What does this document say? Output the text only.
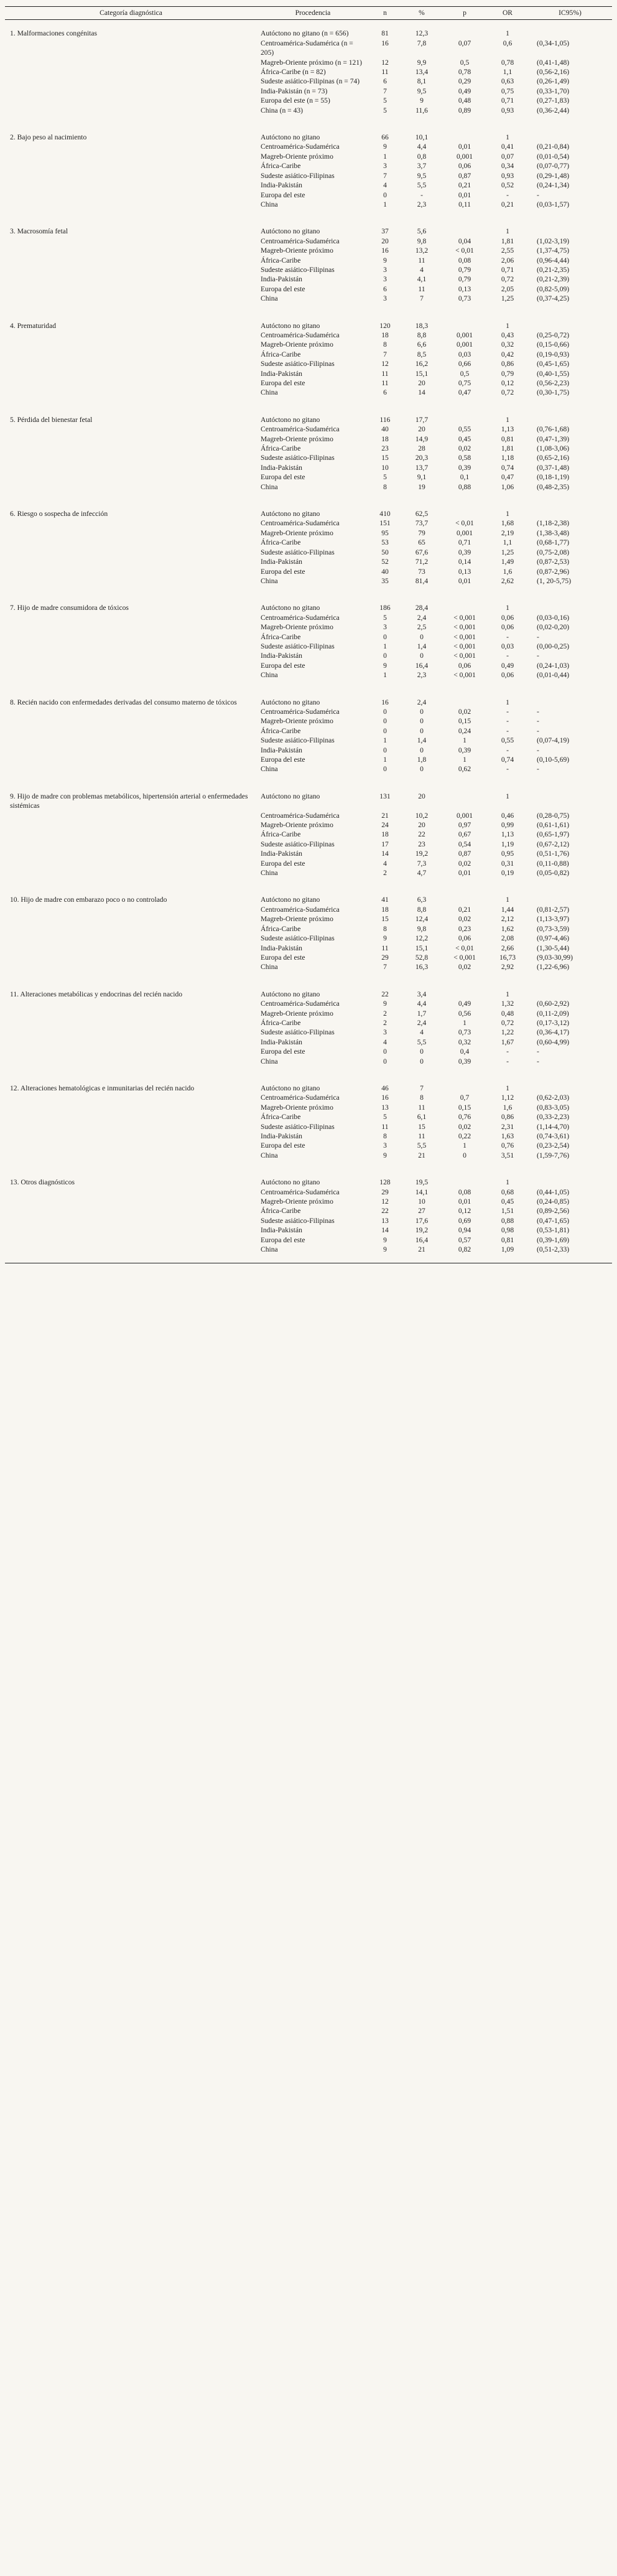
Categoría diagnóstica	Procedencia	n	%	p	OR	IC95%)
1. Malformaciones congénitas	Autóctono no gitano (n = 656)	81	12,3		1	
	Centroamérica-Sudamérica (n = 205)	16	7,8	0,07	0,6	(0,34-1,05)
	Magreb-Oriente próximo (n = 121)	12	9,9	0,5	0,78	(0,41-1,48)
	África-Caribe (n = 82)	11	13,4	0,78	1,1	(0,56-2,16)
	Sudeste asiático-Filipinas (n = 74)	6	8,1	0,29	0,63	(0,26-1,49)
	India-Pakistán (n = 73)	7	9,5	0,49	0,75	(0,33-1,70)
	Europa del este (n = 55)	5	9	0,48	0,71	(0,27-1,83)
	China (n = 43)	5	11,6	0,89	0,93	(0,36-2,44)
2. Bajo peso al nacimiento	Autóctono no gitano	66	10,1		1	
	Centroamérica-Sudamérica	9	4,4	0,01	0,41	(0,21-0,84)
	Magreb-Oriente próximo	1	0,8	0,001	0,07	(0,01-0,54)
	África-Caribe	3	3,7	0,06	0,34	(0,07-0,77)
	Sudeste asiático-Filipinas	7	9,5	0,87	0,93	(0,29-1,48)
	India-Pakistán	4	5,5	0,21	0,52	(0,24-1,34)
	Europa del este	0	-	0,01	-	-
	China	1	2,3	0,11	0,21	(0,03-1,57)
3. Macrosomía fetal	Autóctono no gitano	37	5,6		1	
	Centroamérica-Sudamérica	20	9,8	0,04	1,81	(1,02-3,19)
	Magreb-Oriente próximo	16	13,2	< 0,01	2,55	(1,37-4,75)
	África-Caribe	9	11	0,08	2,06	(0,96-4,44)
	Sudeste asiático-Filipinas	3	4	0,79	0,71	(0,21-2,35)
	India-Pakistán	3	4,1	0,79	0,72	(0,21-2,39)
	Europa del este	6	11	0,13	2,05	(0,82-5,09)
	China	3	7	0,73	1,25	(0,37-4,25)
4. Prematuridad	Autóctono no gitano	120	18,3		1	
	Centroamérica-Sudamérica	18	8,8	0,001	0,43	(0,25-0,72)
	Magreb-Oriente próximo	8	6,6	0,001	0,32	(0,15-0,66)
	África-Caribe	7	8,5	0,03	0,42	(0,19-0,93)
	Sudeste asiático-Filipinas	12	16,2	0,66	0,86	(0,45-1,65)
	India-Pakistán	11	15,1	0,5	0,79	(0,40-1,55)
	Europa del este	11	20	0,75	0,12	(0,56-2,23)
	China	6	14	0,47	0,72	(0,30-1,75)
5. Pérdida del bienestar fetal	Autóctono no gitano	116	17,7		1	
	Centroamérica-Sudamérica	40	20	0,55	1,13	(0,76-1,68)
	Magreb-Oriente próximo	18	14,9	0,45	0,81	(0,47-1,39)
	África-Caribe	23	28	0,02	1,81	(1,08-3,06)
	Sudeste asiático-Filipinas	15	20,3	0,58	1,18	(0,65-2,16)
	India-Pakistán	10	13,7	0,39	0,74	(0,37-1,48)
	Europa del este	5	9,1	0,1	0,47	(0,18-1,19)
	China	8	19	0,88	1,06	(0,48-2,35)
6. Riesgo o sospecha de infección	Autóctono no gitano	410	62,5		1	
	Centroamérica-Sudamérica	151	73,7	< 0,01	1,68	(1,18-2,38)
	Magreb-Oriente próximo	95	79	0,001	2,19	(1,38-3,48)
	África-Caribe	53	65	0,71	1,1	(0,68-1,77)
	Sudeste asiático-Filipinas	50	67,6	0,39	1,25	(0,75-2,08)
	India-Pakistán	52	71,2	0,14	1,49	(0,87-2,53)
	Europa del este	40	73	0,13	1,6	(0,87-2,96)
	China	35	81,4	0,01	2,62	(1, 20-5,75)
7. Hijo de madre consumidora de tóxicos	Autóctono no gitano	186	28,4		1	
	Centroamérica-Sudamérica	5	2,4	< 0,001	0,06	(0,03-0,16)
	Magreb-Oriente próximo	3	2,5	< 0,001	0,06	(0,02-0,20)
	África-Caribe	0	0	< 0,001	-	-
	Sudeste asiático-Filipinas	1	1,4	< 0,001	0,03	(0,00-0,25)
	India-Pakistán	0	0	< 0,001	-	-
	Europa del este	9	16,4	0,06	0,49	(0,24-1,03)
	China	1	2,3	< 0,001	0,06	(0,01-0,44)
8. Recién nacido con enfermedades derivadas del consumo materno de tóxicos	Autóctono no gitano	16	2,4		1	
	Centroamérica-Sudamérica	0	0	0,02	-	-
	Magreb-Oriente próximo	0	0	0,15	-	-
	África-Caribe	0	0	0,24	-	-
	Sudeste asiático-Filipinas	1	1,4	1	0,55	(0,07-4,19)
	India-Pakistán	0	0	0,39	-	-
	Europa del este	1	1,8	1	0,74	(0,10-5,69)
	China	0	0	0,62	-	-
9. Hijo de madre con problemas metabólicos, hipertensión arterial o enfermedades sistémicas	Autóctono no gitano	131	20		1	
	Centroamérica-Sudamérica	21	10,2	0,001	0,46	(0,28-0,75)
	Magreb-Oriente próximo	24	20	0,97	0,99	(0,61-1,61)
	África-Caribe	18	22	0,67	1,13	(0,65-1,97)
	Sudeste asiático-Filipinas	17	23	0,54	1,19	(0,67-2,12)
	India-Pakistán	14	19,2	0,87	0,95	(0,51-1,76)
	Europa del este	4	7,3	0,02	0,31	(0,11-0,88)
	China	2	4,7	0,01	0,19	(0,05-0,82)
10. Hijo de madre con embarazo poco o no controlado	Autóctono no gitano	41	6,3		1	
	Centroamérica-Sudamérica	18	8,8	0,21	1,44	(0,81-2,57)
	Magreb-Oriente próximo	15	12,4	0,02	2,12	(1,13-3,97)
	África-Caribe	8	9,8	0,23	1,62	(0,73-3,59)
	Sudeste asiático-Filipinas	9	12,2	0,06	2,08	(0,97-4,46)
	India-Pakistán	11	15,1	< 0,01	2,66	(1,30-5,44)
	Europa del este	29	52,8	< 0,001	16,73	(9,03-30,99)
	China	7	16,3	0,02	2,92	(1,22-6,96)
11. Alteraciones metabólicas y endocrinas del recién nacido	Autóctono no gitano	22	3,4		1	
	Centroamérica-Sudamérica	9	4,4	0,49	1,32	(0,60-2,92)
	Magreb-Oriente próximo	2	1,7	0,56	0,48	(0,11-2,09)
	África-Caribe	2	2,4	1	0,72	(0,17-3,12)
	Sudeste asiático-Filipinas	3	4	0,73	1,22	(0,36-4,17)
	India-Pakistán	4	5,5	0,32	1,67	(0,60-4,99)
	Europa del este	0	0	0,4	-	-
	China	0	0	0,39	-	-
12. Alteraciones hematológicas e inmunitarias del recién nacido	Autóctono no gitano	46	7		1	
	Centroamérica-Sudamérica	16	8	0,7	1,12	(0,62-2,03)
	Magreb-Oriente próximo	13	11	0,15	1,6	(0,83-3,05)
	África-Caribe	5	6,1	0,76	0,86	(0,33-2,23)
	Sudeste asiático-Filipinas	11	15	0,02	2,31	(1,14-4,70)
	India-Pakistán	8	11	0,22	1,63	(0,74-3,61)
	Europa del este	3	5,5	1	0,76	(0,23-2,54)
	China	9	21	0	3,51	(1,59-7,76)
13. Otros diagnósticos	Autóctono no gitano	128	19,5		1	
	Centroamérica-Sudamérica	29	14,1	0,08	0,68	(0,44-1,05)
	Magreb-Oriente próximo	12	10	0,01	0,45	(0,24-0,85)
	África-Caribe	22	27	0,12	1,51	(0,89-2,56)
	Sudeste asiático-Filipinas	13	17,6	0,69	0,88	(0,47-1,65)
	India-Pakistán	14	19,2	0,94	0,98	(0,53-1,81)
	Europa del este	9	16,4	0,57	0,81	(0,39-1,69)
	China	9	21	0,82	1,09	(0,51-2,33)
